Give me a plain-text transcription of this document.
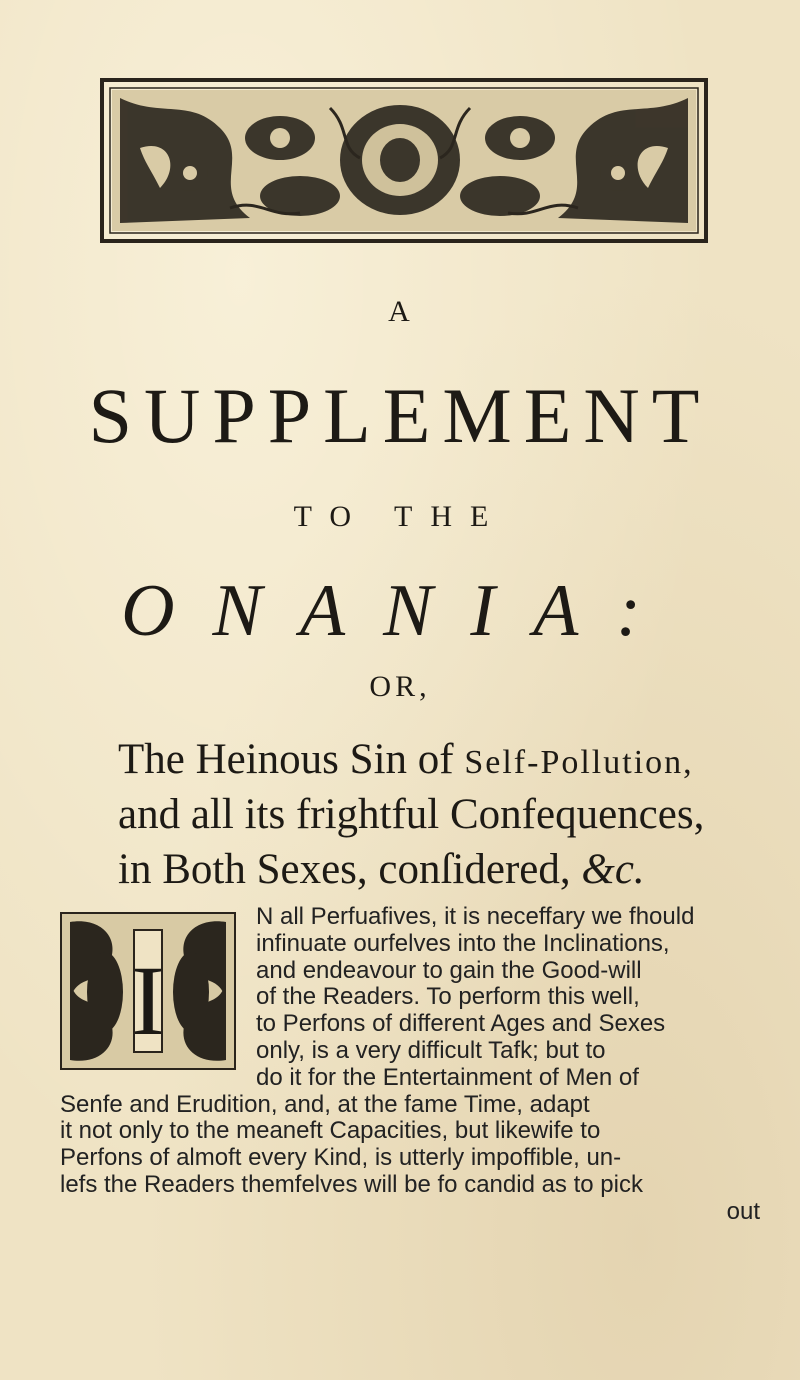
A
SUPPLEMENT
TO THE
ONANIA:
OR,
The Heinous Sin of Self-Pollution,
and all its frightful Confequences,
in Both Sexes, conſidered, &c.
I
N all Perfuafives, it is neceffary we fhould
infinuate ourfelves into the Inclinations,
and endeavour to gain the Good-will
of the Readers. To perform this well,
to Perfons of different Ages and Sexes
only, is a very difficult Tafk; but to
do it for the Entertainment of Men of
Senfe and Erudition, and, at the fame Time, adapt
it not only to the meaneft Capacities, but likewife to
Perfons of almoft every Kind, is utterly impoffible, un-
lefs the Readers themfelves will be fo candid as to pick
out
